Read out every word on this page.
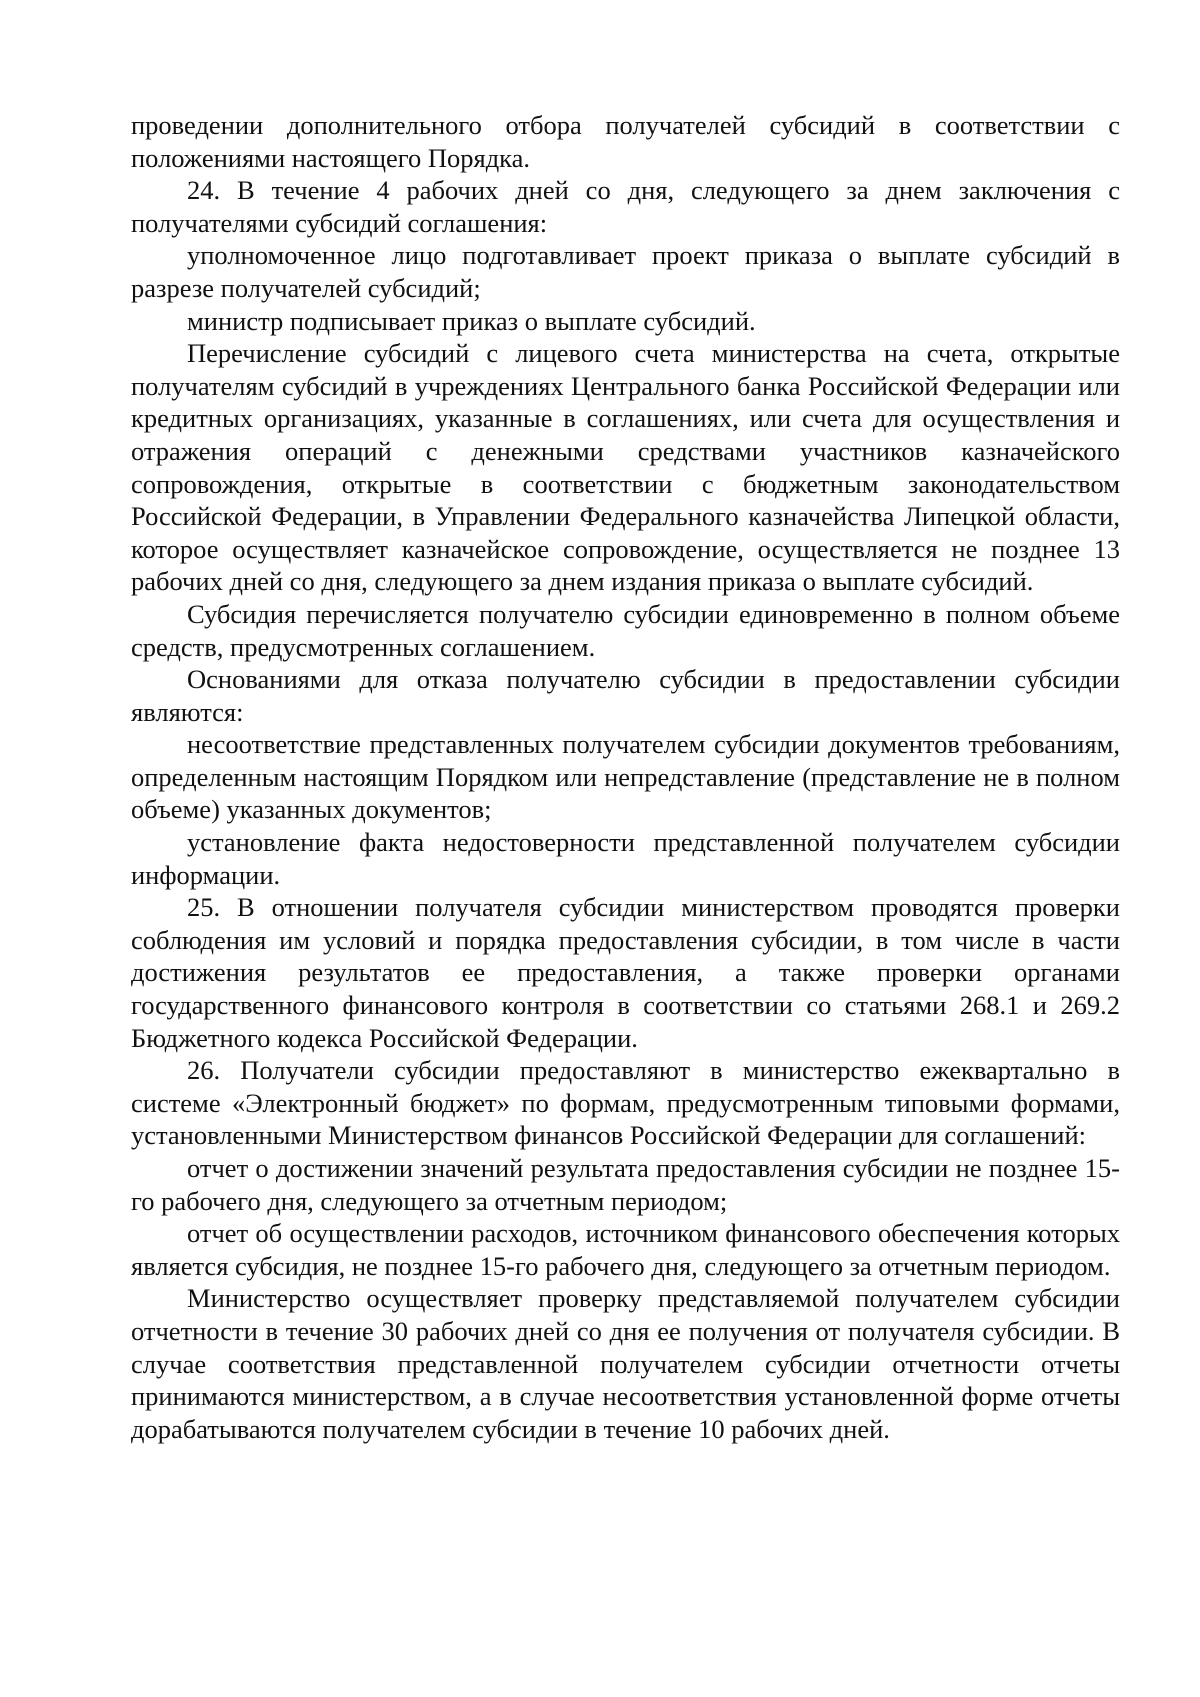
проведении дополнительного отбора получателей субсидий в соответствии с положениями настоящего Порядка.

24. В течение 4 рабочих дней со дня, следующего за днем заключения с получателями субсидий соглашения:

уполномоченное лицо подготавливает проект приказа о выплате субсидий в разрезе получателей субсидий;

министр подписывает приказ о выплате субсидий.

Перечисление субсидий с лицевого счета министерства на счета, открытые получателям субсидий в учреждениях Центрального банка Российской Федерации или кредитных организациях, указанные в соглашениях, или счета для осуществления и отражения операций с денежными средствами участников казначейского сопровождения, открытые в соответствии с бюджетным законодательством Российской Федерации, в Управлении Федерального казначейства Липецкой области, которое осуществляет казначейское сопровождение, осуществляется не позднее 13 рабочих дней со дня, следующего за днем издания приказа о выплате субсидий.

Субсидия перечисляется получателю субсидии единовременно в полном объеме средств, предусмотренных соглашением.

Основаниями для отказа получателю субсидии в предоставлении субсидии являются:

несоответствие представленных получателем субсидии документов требованиям, определенным настоящим Порядком или непредставление (представление не в полном объеме) указанных документов;

установление факта недостоверности представленной получателем субсидии информации.

25. В отношении получателя субсидии министерством проводятся проверки соблюдения им условий и порядка предоставления субсидии, в том числе в части достижения результатов ее предоставления, а также проверки органами государственного финансового контроля в соответствии со статьями 268.1 и 269.2 Бюджетного кодекса Российской Федерации.

26. Получатели субсидии предоставляют в министерство ежеквартально в системе «Электронный бюджет» по формам, предусмотренным типовыми формами, установленными Министерством финансов Российской Федерации для соглашений:

отчет о достижении значений результата предоставления субсидии не позднее 15-го рабочего дня, следующего за отчетным периодом;

отчет об осуществлении расходов, источником финансового обеспечения которых является субсидия, не позднее 15-го рабочего дня, следующего за отчетным периодом.

Министерство осуществляет проверку представляемой получателем субсидии отчетности в течение 30 рабочих дней со дня ее получения от получателя субсидии. В случае соответствия представленной получателем субсидии отчетности отчеты принимаются министерством, а в случае несоответствия установленной форме отчеты дорабатываются получателем субсидии в течение 10 рабочих дней.
